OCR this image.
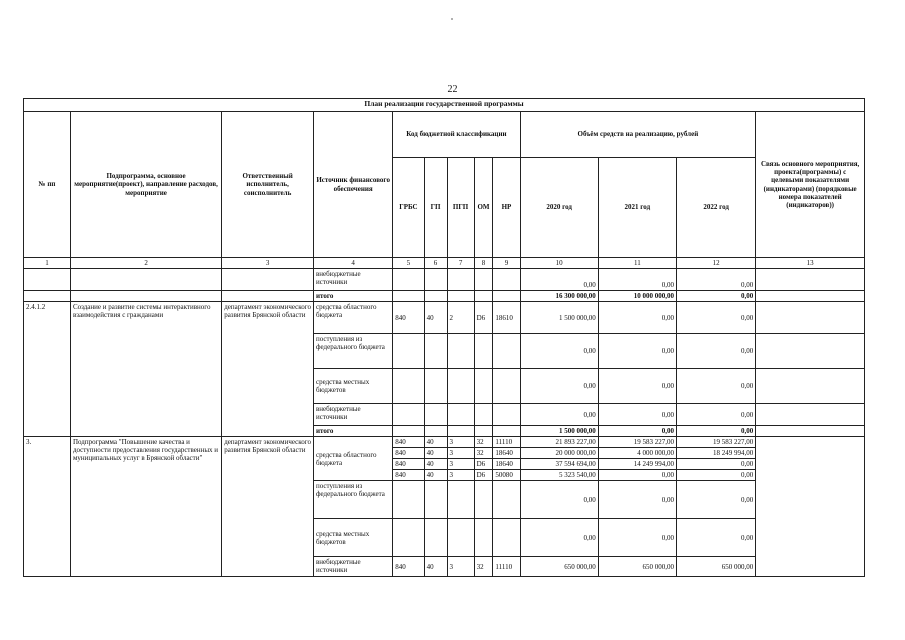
22
План реализации государственной программы												
№ пп	Подпрограмма, основное мероприятие(проект), направление расходов, мероприятие	Ответственный исполнитель, соисполнитель	Источник финансового обеспечения	Код бюджетной классификации					Объём средств на реализацию, рублей			Связь основного мероприятия, проекта(программы) с целевыми показателями (индикаторами) (порядковые номера показателей (индикаторов))
				ГРБС	ГП	ПГП	ОМ	НР	2020 год	2021 год	2022 год	
1	2	3	4	5	6	7	8	9	10	11	12	13
			внебюджетные источники						0,00	0,00	0,00	
			итого						16 300 000,00	10 000 000,00	0,00	
2.4.1.2	Создание и развитие системы интерактивного взаимодействия с гражданами	департамент экономического развития Брянской области	средства областного бюджета	840	40	2	D6	18610	1 500 000,00	0,00	0,00	
			поступления из федерального бюджета						0,00	0,00	0,00	
			средства местных бюджетов						0,00	0,00	0,00	
			внебюджетные источники						0,00	0,00	0,00	
			итого						1 500 000,00	0,00	0,00	
3.	Подпрограмма "Повышение качества и доступности предоставления государственных и муниципальных услуг в Брянской области"	департамент экономического развития Брянской области	средства областного бюджета	840	40	3	32	11110	21 893 227,00	19 583 227,00	19 583 227,00	
				840	40	3	32	18640	20 000 000,00	4 000 000,00	18 249 994,00	
				840	40	3	D6	18640	37 594 694,00	14 249 994,00	0,00	
				840	40	3	D6	50080	5 323 540,00	0,00	0,00	
			поступления из федерального бюджета						0,00	0,00	0,00	
			средства местных бюджетов						0,00	0,00	0,00	
			внебюджетные источники	840	40	3	32	11110	650 000,00	650 000,00	650 000,00	
